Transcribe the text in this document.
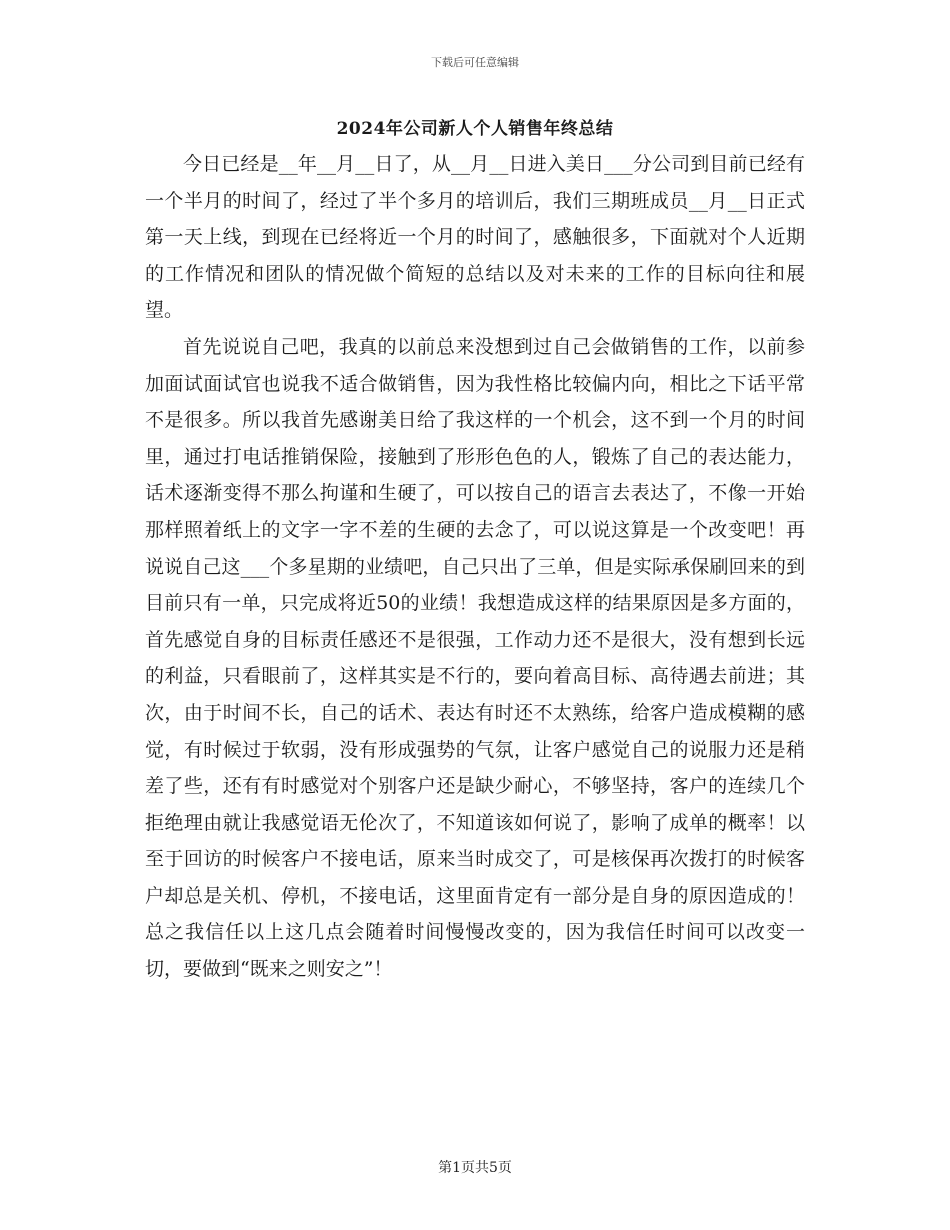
下载后可任意编辑
2024年公司新人个人销售年终总结

今日已经是__年__月__日了，从__月__日进入美日___分公司到目前已经有一个半月的时间了，经过了半个多月的培训后，我们三期班成员__月__日正式第一天上线，到现在已经将近一个月的时间了，感触很多，下面就对个人近期的工作情况和团队的情况做个简短的总结以及对未来的工作的目标向往和展望。

首先说说自己吧，我真的以前总来没想到过自己会做销售的工作，以前参加面试面试官也说我不适合做销售，因为我性格比较偏内向，相比之下话平常不是很多。所以我首先感谢美日给了我这样的一个机会，这不到一个月的时间里，通过打电话推销保险，接触到了形形色色的人，锻炼了自己的表达能力，话术逐渐变得不那么拘谨和生硬了，可以按自己的语言去表达了，不像一开始那样照着纸上的文字一字不差的生硬的去念了，可以说这算是一个改变吧！再说说自己这___个多星期的业绩吧，自己只出了三单，但是实际承保刷回来的到目前只有一单，只完成将近50的业绩！我想造成这样的结果原因是多方面的，首先感觉自身的目标责任感还不是很强，工作动力还不是很大，没有想到长远的利益，只看眼前了，这样其实是不行的，要向着高目标、高待遇去前进；其次，由于时间不长，自己的话术、表达有时还不太熟练，给客户造成模糊的感觉，有时候过于软弱，没有形成强势的气氛，让客户感觉自己的说服力还是稍差了些，还有有时感觉对个别客户还是缺少耐心，不够坚持，客户的连续几个拒绝理由就让我感觉语无伦次了，不知道该如何说了，影响了成单的概率！以至于回访的时候客户不接电话，原来当时成交了，可是核保再次拨打的时候客户却总是关机、停机，不接电话，这里面肯定有一部分是自身的原因造成的！总之我信任以上这几点会随着时间慢慢改变的，因为我信任时间可以改变一切，要做到“既来之则安之”！

第1页共5页
